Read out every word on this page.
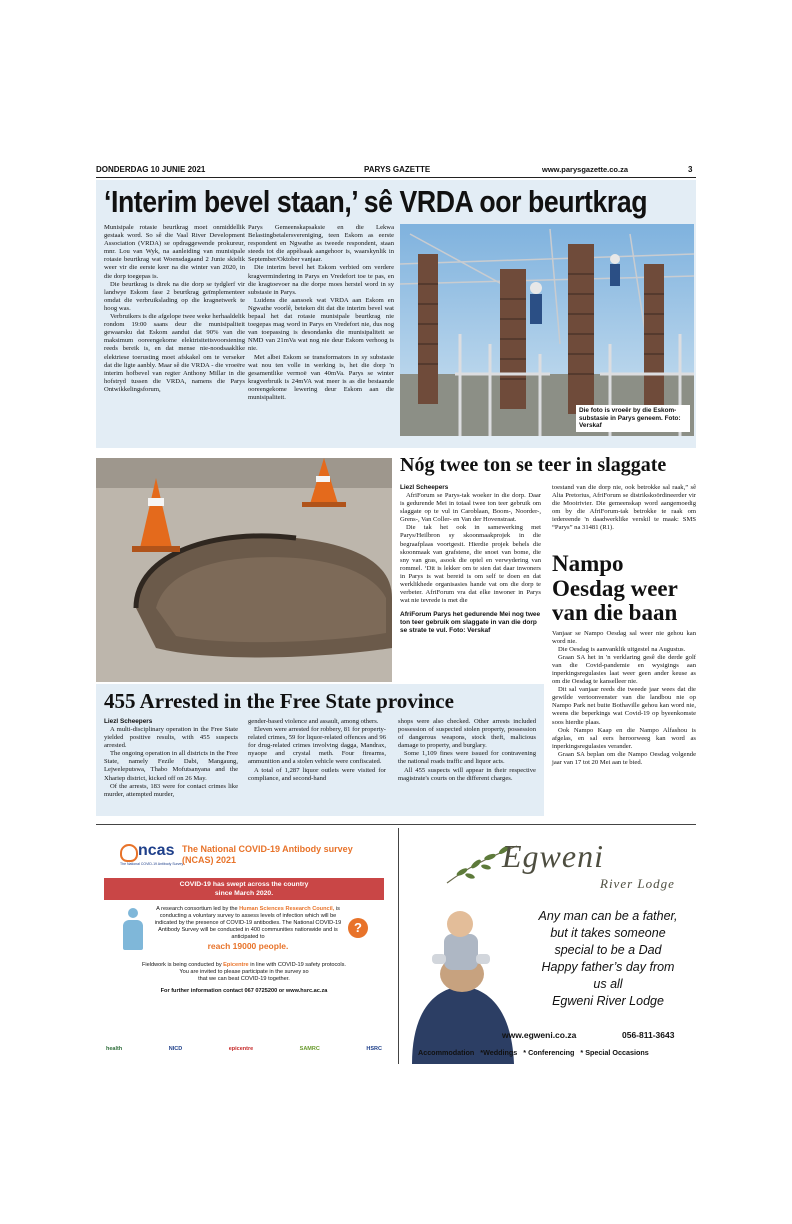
DONDERDAG 10 JUNIE 2021	PARYS GAZETTE	www.parysgazette.co.za	3
‘Interim bevel staan,’ sê VRDA oor beurtkrag

Munisipale rotasie beurtkrag moet onmiddellik gestaak word. So sê die Vaal River Development Association (VRDA) se opdraggewende prokureur, mnr. Lou van Wyk, na aanleiding van munisipale rotasie beurtkrag wat Woensdagaand 2 Junie skielik weer vir die eerste keer na die winter van 2020, in die dorp toegepas is.

Die beurtkrag is direk na die dorp se tydglerf vir landwye Eskom fase 2 beurtkrag geïmplementeer omdat die verbruikslading op die kragnetwerk te hoog was.

Verbruikers is die afgelope twee weke herhaaldelik rondom 19:00 saans deur die munisipaliteit gewaarsku dat Eskom aandui dat 90% van die maksimum ooreengekome elektrisiteitsvoorsiening reeds bereik is, en dat mense nie-noodsaaklike elektriese toerusting moet afskakel om te verseker dat die ligte aanbly. Maar sê die VRDA - die vroeëre interim hofbevel van regter Anthony Millar in die hofstryd tussen die VRDA, namens die Parys Ontwikkelingsforum,

Parys Gemeenskapsaksie en die Lekwa Belastingbetalersvereniging, teen Eskom as eerste respondent en Ngwathe as tweede respondent, staan steeds tot die appèlsaak aangehoor is, waarskynlik in September/Oktober vanjaar.

Die interim bevel het Eskom verbied om verdere kragvermindering in Parys en Vredefort toe te pas, en die kragtoevoer na die dorpe moes herstel word in sy substasie in Parys.

Luidens die aansoek wat VRDA aan Eskom en Ngwathe voorlê, beteken dit dat die interim bevel wat bepaal het dat rotasie munisipale beurtkrag nie toegepas mag word in Parys en Vredefort nie, dus nog van toepassing is desondanks die munisipaliteit se NMD van 21mVa wat nog nie deur Eskom verhoog is nie.

Met albei Eskom se transformators in sy substasie wat nou ten volle in werking is, het die dorp 'n gesamentlike vermoë van 40mVa. Parys se winter kragverbruik is 24mVA wat meer is as die bestaande ooreengekome lewering deur Eskom aan die munisipaliteit.

Die foto is vroeër by die Eskom-substasie in Parys geneem. Foto: Verskaf
Nóg twee ton se teer in slaggate
Liezl Scheepers

AfriForum se Parys-tak woeker in die dorp. Daar is gedurende Mei in totaal twee ton teer gebruik om slaggate op te vul in Caroblaan, Boom-, Noorder-, Grens-, Van Coller- en Van der Hovenstraat.

Die tak het ook in samewerking met Parys/Heilbron sy skoonmaakprojek in die begraafplaas voortgesit. Hierdie projek behels die skoonmaak van grafstene, die snoei van bome, die sny van gras, asook die optel en verwydering van rommel. ‘Dit is lekker om te sien dat daar inwoners in Parys is wat bereid is om self te doen en dat werklikhede organisasies hande vat om die dorp te verbeter. AfriForum vra dat elke inwoner in Parys wat nie tevrede is met die

AfriForum Parys het gedurende Mei nog twee ton teer gebruik om slaggate in van die dorp se strate te vul. Foto: Verskaf

toestand van die dorp nie, ook betrokke sal raak,” sê Alta Pretorius, AfriForum se distrikskoördineerder vir die Mooirivier. Die gemeenskap word aangemoedig om by die AfriForum-tak betrokke te raak om iedereende 'n daadwerklike verskil te maak: SMS “Parys” na 31481 (R1).

Nampo Oesdag weer van die baan

Vanjaar se Nampo Oesdag sal weer nie gehou kan word nie.

Die Oesdag is aanvanklik uitgestel na Augustus.

Graan SA het in 'n verklaring gesê die derde golf van die Covid-pandemie en wysigings aan inperkingsregulasies laat weer geen ander keuse as om die Oesdag te kanselleer nie.

Dit sal vanjaar reeds die tweede jaar wees dat die gewilde vertoonvenster van die landbou nie op Nampo Park net buite Bothaville gehou kan word nie, weens die beperkings wat Covid-19 op byeenkomste soos hierdie plaas.

Ook Nampo Kaap en die Nampo Alfashou is afgelas, en sal eers heroorweeg kan word as inperkingsregulasies verander.

Graan SA beplan om die Nampo Oesdag volgende jaar van 17 tot 20 Mei aan te bied.

455 Arrested in the Free State province
Liezl Scheepers

A multi-disciplinary operation in the Free State yielded positive results, with 455 suspects arrested.

The ongoing operation in all districts in the Free State, namely Fezile Dabi, Mangaung, Lejweleputswa, Thabo Mofutsanyana and the Xhariep district, kicked off on 26 May.

Of the arrests, 183 were for contact crimes like murder, attempted murder,

gender-based violence and assault, among others.

Eleven were arrested for robbery, 81 for property-related crimes, 59 for liquor-related offences and 96 for drug-related crimes involving dagga, Mandrax, nyaope and crystal meth. Four firearms, ammunition and a stolen vehicle were confiscated.

A total of 1,287 liquor outlets were visited for compliance, and second-hand

shops were also checked. Other arrests included possession of suspected stolen property, possession of dangerous weapons, stock theft, malicious damage to property, and burglary.

Some 1,109 fines were issued for contravening the national roads traffic and liquor acts.

All 455 suspects will appear in their respective magistrate's courts on the different charges.

ncas
The National COVID-19 Antibody Survey
The National COVID-19 Antibody survey
(NCAS) 2021
COVID-19 has swept across the country
since March 2020.
A research consortium led by the Human Sciences Research Council, is conducting a voluntary survey to assess levels of infection which will be indicated by the presence of COVID-19 antibodies. The National COVID-19 Antibody Survey will be conducted in 400 communities nationwide and is anticipated to
reach 19000 people.
?
Fieldwork is being conducted by Epicentre in line with COVID-19 safety protocols.
You are invited to please participate in the survey so
that we can beat COVID-19 together.
For further information contact 067 0725200 or www.hsrc.ac.za
health	NICD	epicentre	SAMRC	HSRC
Egweni
River Lodge
Any man can be a father,
but it takes someone
special to be a Dad
Happy father’s day from
us all
Egweni River Lodge
www.egweni.co.za	056-811-3643
Accommodation   *Weddings   * Conferencing   * Special Occasions
